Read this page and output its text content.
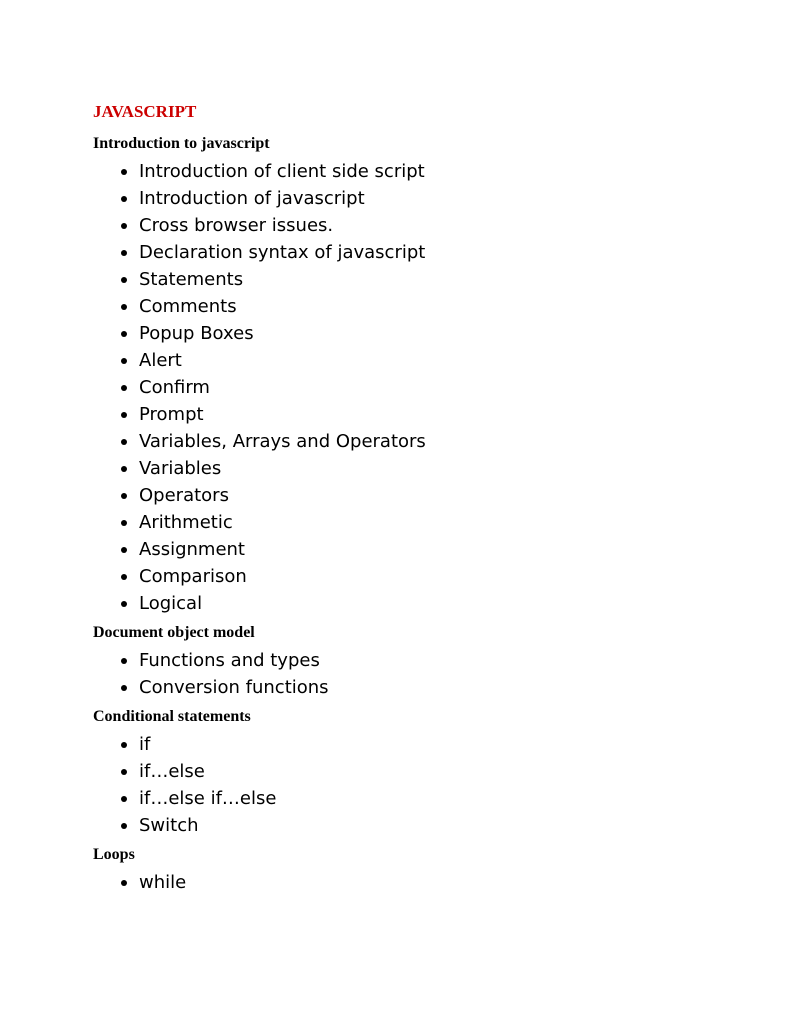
JAVASCRIPT
Introduction to javascript
Introduction of client side script
Introduction of javascript
Cross browser issues.
Declaration syntax of javascript
Statements
Comments
Popup Boxes
Alert
Confirm
Prompt
Variables, Arrays and Operators
Variables
Operators
Arithmetic
Assignment
Comparison
Logical
Document object model
Functions and types
Conversion functions
Conditional statements
if
if…else
if…else if…else
Switch
Loops
while
